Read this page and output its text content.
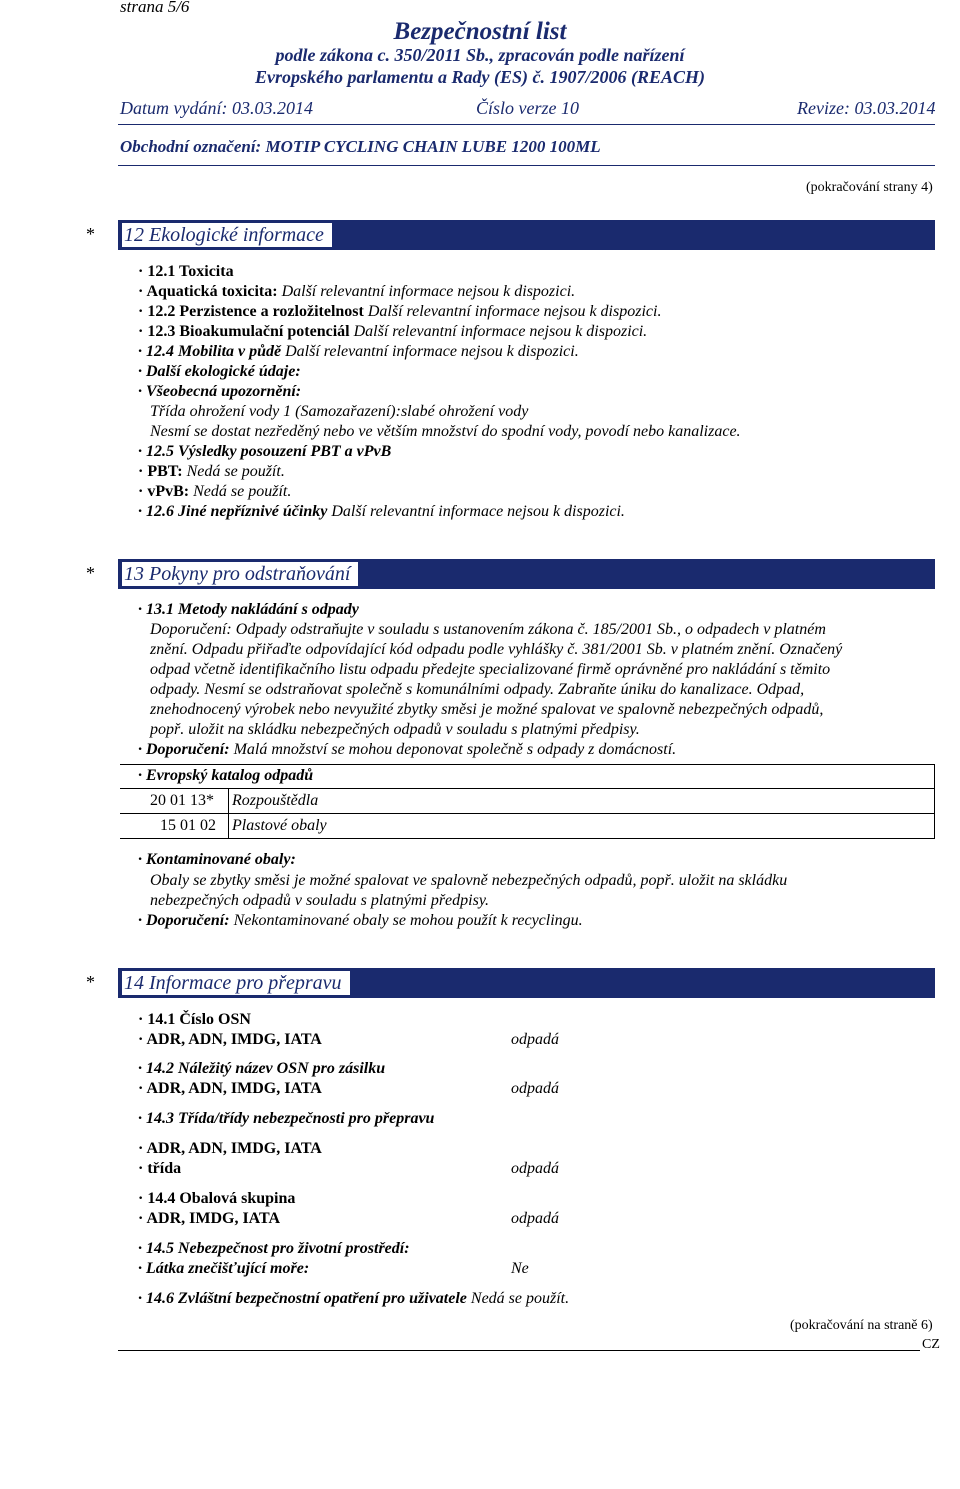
strana 5/6
Bezpečnostní list
podle zákona c. 350/2011 Sb., zpracován podle nařízení
Evropského parlamentu a Rady (ES) č. 1907/2006 (REACH)
Datum vydání: 03.03.2014	Číslo verze 10	Revize: 03.03.2014
Obchodní označení: MOTIP CYCLING CHAIN LUBE 1200 100ML
(pokračování strany 4)
* 12 Ekologické informace
· 12.1 Toxicita
· Aquatická toxicita: Další relevantní informace nejsou k dispozici.
· 12.2 Perzistence a rozložitelnost Další relevantní informace nejsou k dispozici.
· 12.3 Bioakumulační potenciál Další relevantní informace nejsou k dispozici.
· 12.4 Mobilita v půdě Další relevantní informace nejsou k dispozici.
· Další ekologické údaje:
· Všeobecná upozornění:
Třída ohrožení vody 1 (Samozařazení):slabé ohrožení vody
Nesmí se dostat nezředěný nebo ve větším množství do spodní vody, povodí nebo kanalizace.
· 12.5 Výsledky posouzení PBT a vPvB
· PBT: Nedá se použít.
· vPvB: Nedá se použít.
· 12.6 Jiné nepříznivé účinky Další relevantní informace nejsou k dispozici.
* 13 Pokyny pro odstraňování
· 13.1 Metody nakládání s odpady
Doporučení: Odpady odstraňujte v souladu s ustanovením zákona č. 185/2001 Sb., o odpadech v platném
znění. Odpadu přiřaďte odpovídající kód odpadu podle vyhlášky č. 381/2001 Sb. v platném znění. Označený
odpad včetně identifikačního listu odpadu předejte specializované firmě oprávněné pro nakládání s těmito
odpady. Nesmí se odstraňovat společně s komunálními odpady. Zabraňte úniku do kanalizace. Odpad,
znehodnocený výrobek nebo nevyužité zbytky směsi je možné spalovat ve spalovně nebezpečných odpadů,
popř. uložit na skládku nebezpečných odpadů v souladu s platnými předpisy.
· Doporučení: Malá množství se mohou deponovat společně s odpady z domácností.
· Evropský katalog odpadů
20 01 13* Rozpouštědla
15 01 02 Plastové obaly
· Kontaminované obaly:
Obaly se zbytky směsi je možné spalovat ve spalovně nebezpečných odpadů, popř. uložit na skládku
nebezpečných odpadů v souladu s platnými předpisy.
· Doporučení: Nekontaminované obaly se mohou použít k recyclingu.
* 14 Informace pro přepravu
· 14.1 Číslo OSN
· ADR, ADN, IMDG, IATA	odpadá
· 14.2 Náležitý název OSN pro zásilku
· ADR, ADN, IMDG, IATA	odpadá
· 14.3 Třída/třídy nebezpečnosti pro přepravu
· ADR, ADN, IMDG, IATA
· třída	odpadá
· 14.4 Obalová skupina
· ADR, IMDG, IATA	odpadá
· 14.5 Nebezpečnost pro životní prostředí:
· Látka znečišťující moře:	Ne
· 14.6 Zvláštní bezpečnostní opatření pro uživatele Nedá se použít.
(pokračování na straně 6)
CZ
